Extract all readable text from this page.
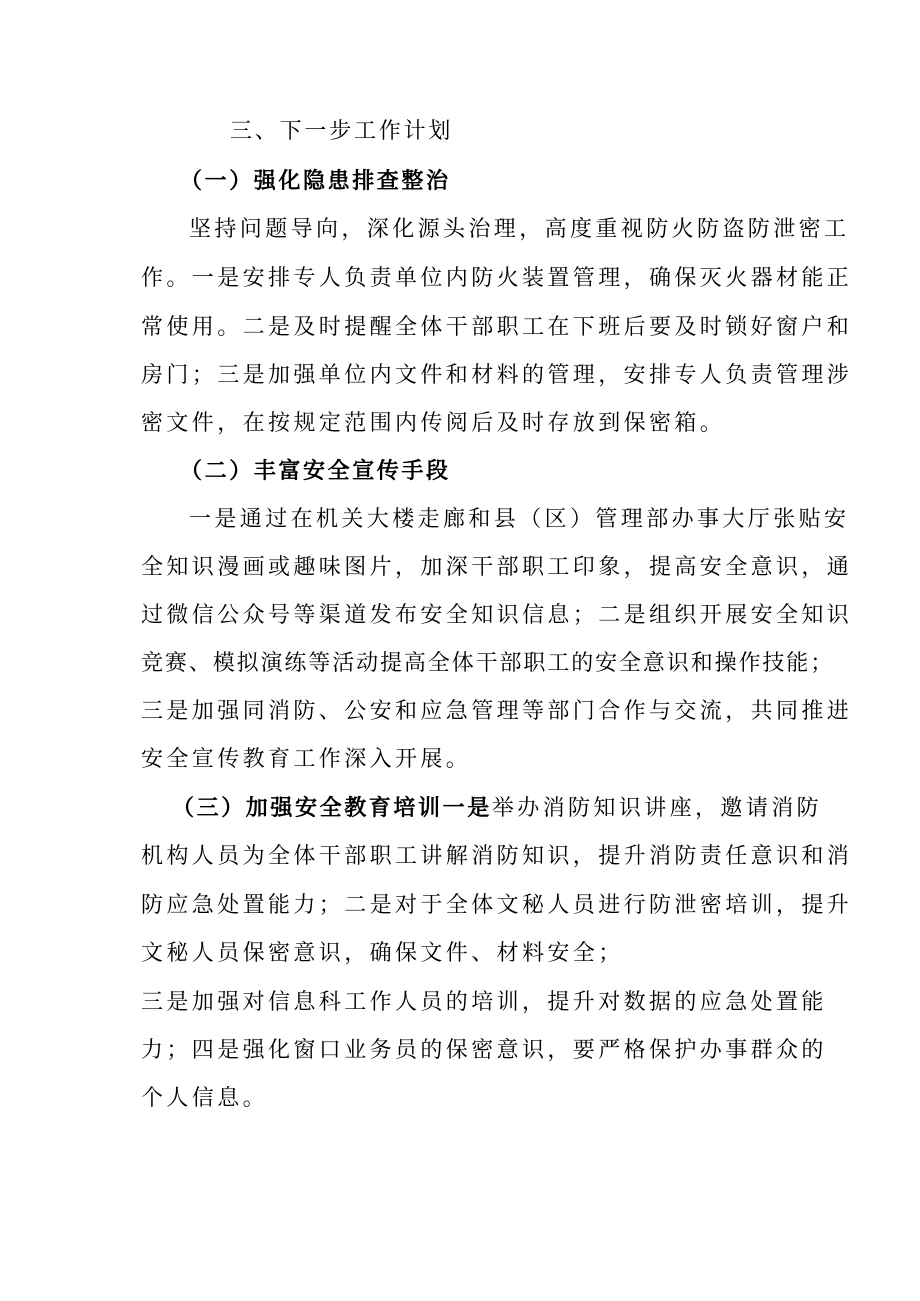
三、下一步工作计划
（一）强化隐患排查整治
坚持问题导向，深化源头治理，高度重视防火防盗防泄密工
作。一是安排专人负责单位内防火装置管理，确保灭火器材能正
常使用。二是及时提醒全体干部职工在下班后要及时锁好窗户和
房门；三是加强单位内文件和材料的管理，安排专人负责管理涉
密文件，在按规定范围内传阅后及时存放到保密箱。
（二）丰富安全宣传手段
一是通过在机关大楼走廊和县（区）管理部办事大厅张贴安
全知识漫画或趣味图片，加深干部职工印象，提高安全意识，通
过微信公众号等渠道发布安全知识信息；二是组织开展安全知识
竞赛、模拟演练等活动提高全体干部职工的安全意识和操作技能；
三是加强同消防、公安和应急管理等部门合作与交流，共同推进
安全宣传教育工作深入开展。
（三）加强安全教育培训一是举办消防知识讲座，邀请消防
机构人员为全体干部职工讲解消防知识，提升消防责任意识和消
防应急处置能力；二是对于全体文秘人员进行防泄密培训，提升
文秘人员保密意识，确保文件、材料安全；
三是加强对信息科工作人员的培训，提升对数据的应急处置能
力；四是强化窗口业务员的保密意识，要严格保护办事群众的
个人信息。
